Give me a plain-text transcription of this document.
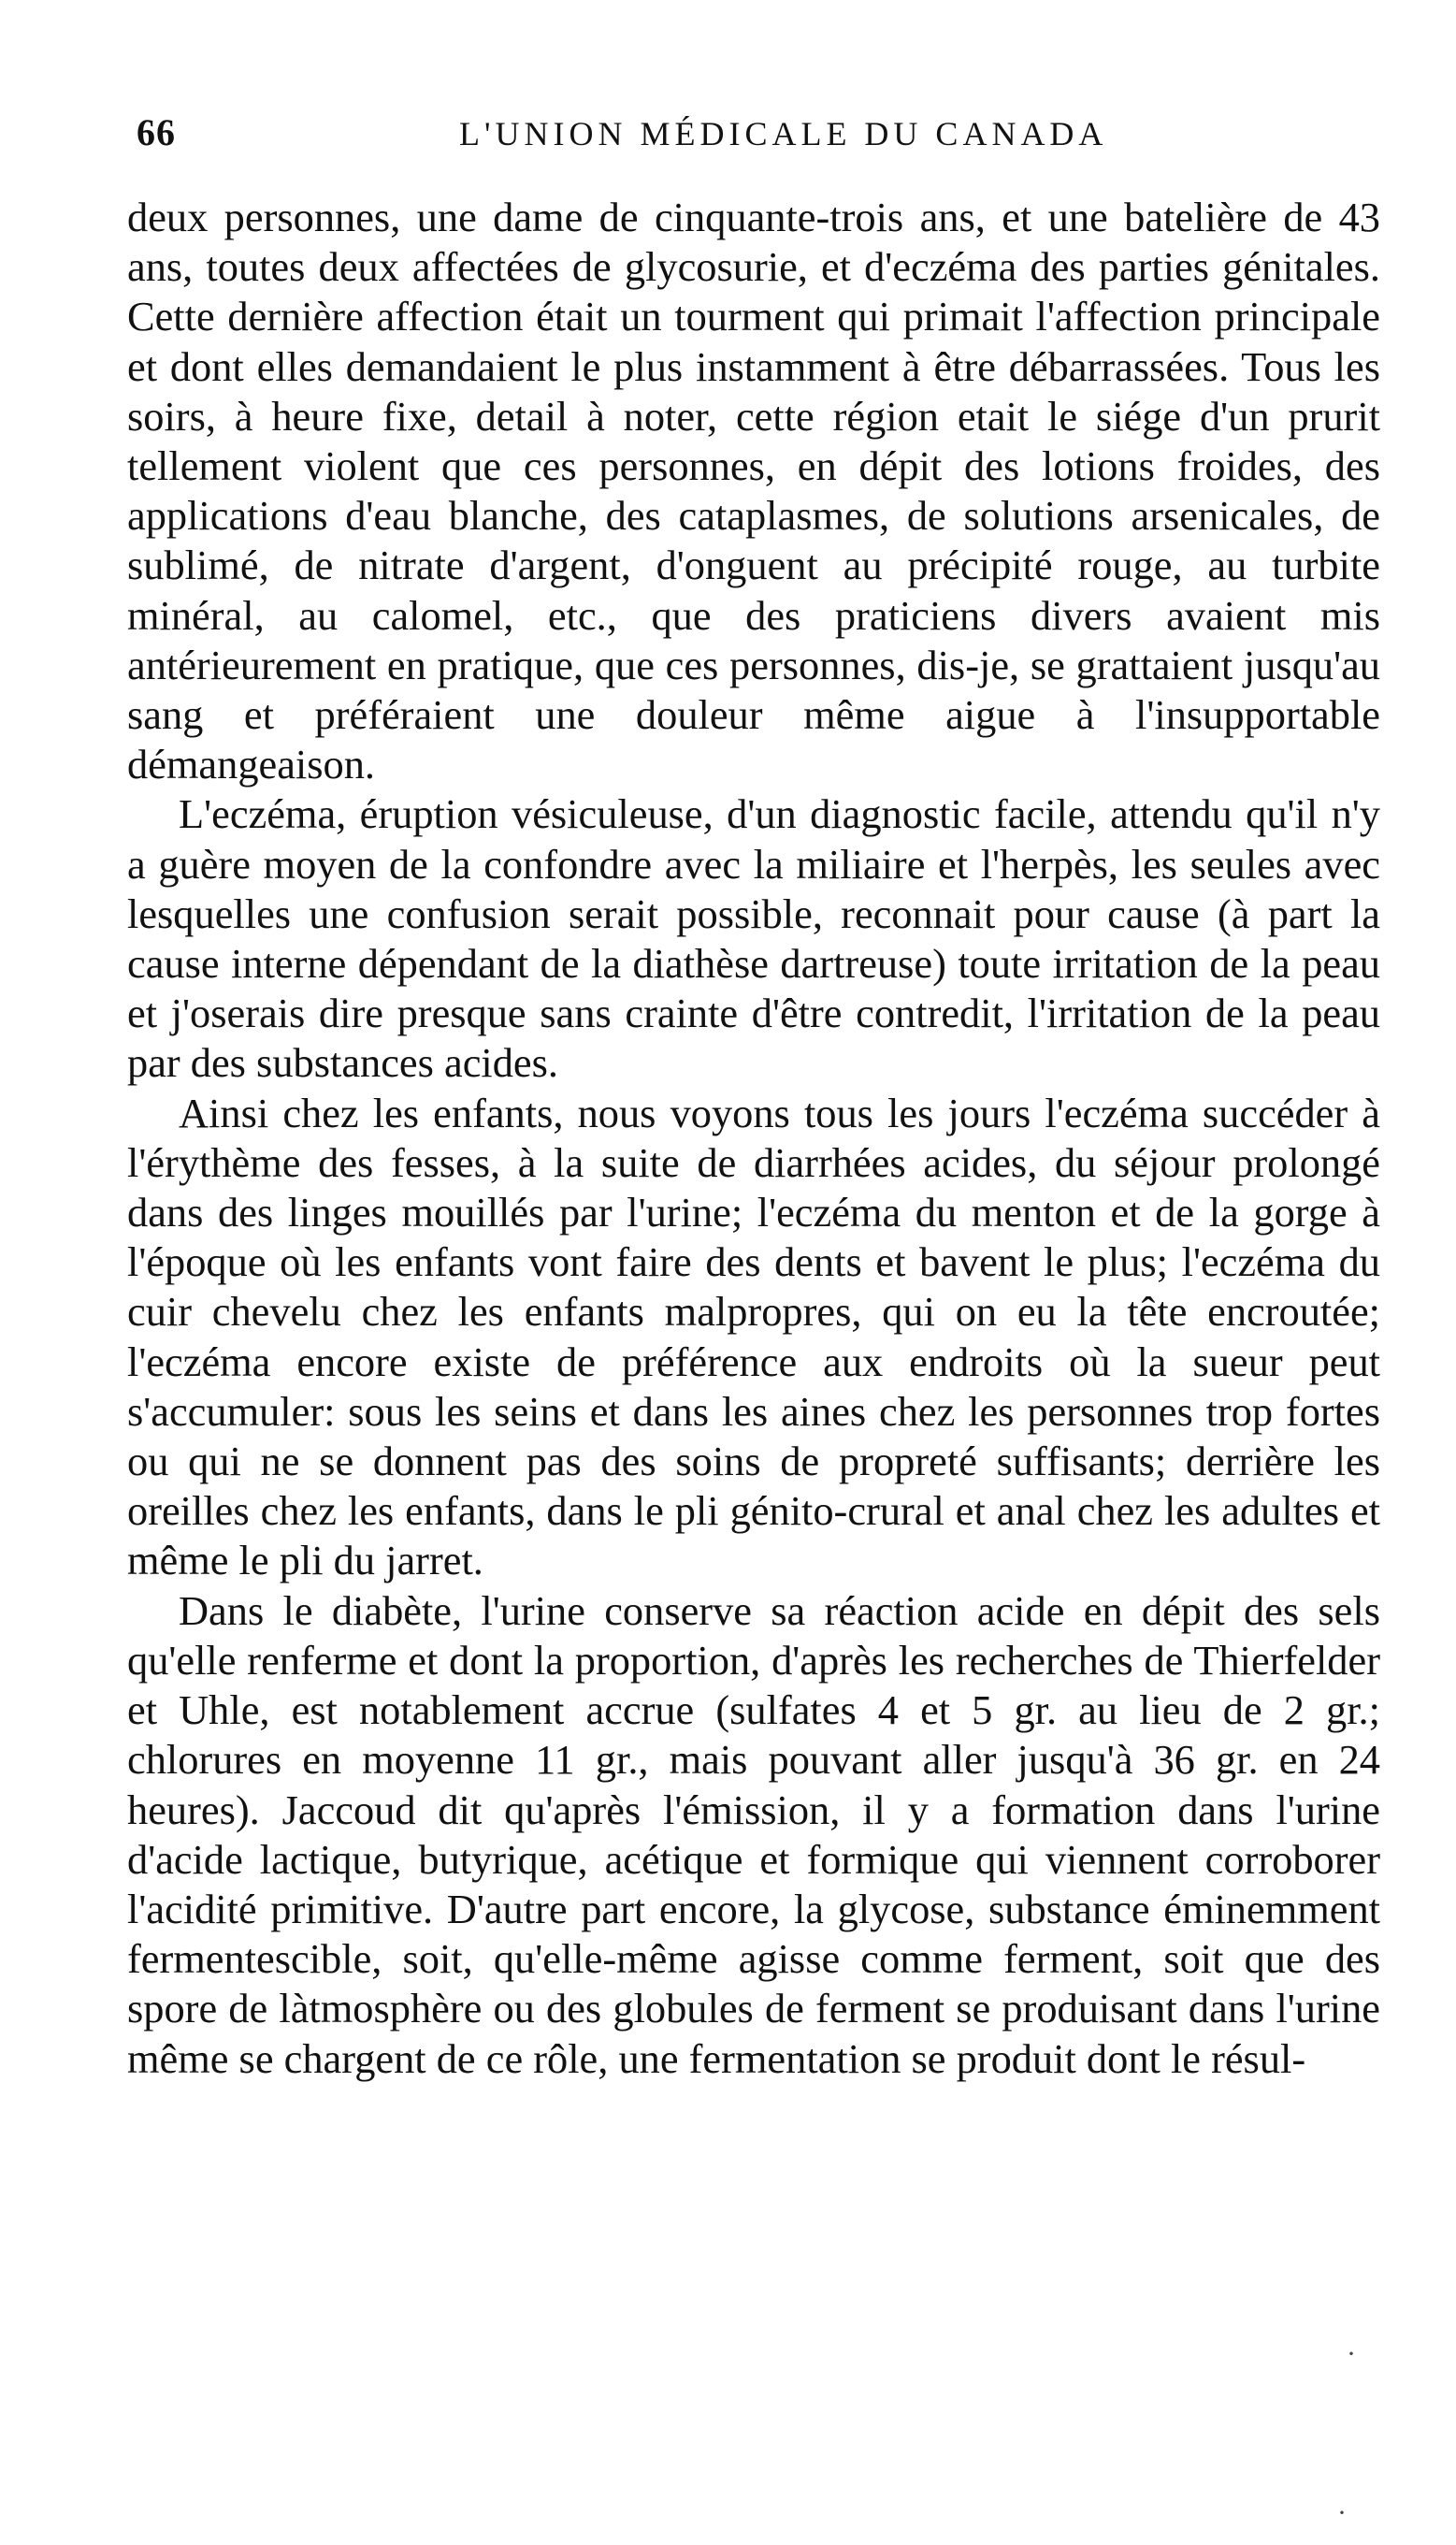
66	L'UNION MÉDICALE DU CANADA

deux personnes, une dame de cinquante-trois ans, et une batelière de 43 ans, toutes deux affectées de glycosurie, et d'eczéma des parties génitales. Cette dernière affection était un tourment qui primait l'affection principale et dont elles demandaient le plus instamment à être débarrassées. Tous les soirs, à heure fixe, detail à noter, cette région etait le siége d'un prurit tellement violent que ces personnes, en dépit des lotions froides, des applications d'eau blanche, des cataplasmes, de solutions arsenicales, de sublimé, de nitrate d'argent, d'onguent au précipité rouge, au turbite minéral, au calomel, etc., que des praticiens divers avaient mis antérieurement en pratique, que ces personnes, dis-je, se grattaient jusqu'au sang et préféraient une douleur même aigue à l'insupportable démangeaison.

L'eczéma, éruption vésiculeuse, d'un diagnostic facile, attendu qu'il n'y a guère moyen de la confondre avec la miliaire et l'herpès, les seules avec lesquelles une confusion serait possible, reconnait pour cause (à part la cause interne dépendant de la diathèse dartreuse) toute irritation de la peau et j'oserais dire presque sans crainte d'être contredit, l'irritation de la peau par des substances acides.

Ainsi chez les enfants, nous voyons tous les jours l'eczéma succéder à l'érythème des fesses, à la suite de diarrhées acides, du séjour prolongé dans des linges mouillés par l'urine; l'eczéma du menton et de la gorge à l'époque où les enfants vont faire des dents et bavent le plus; l'eczéma du cuir chevelu chez les enfants malpropres, qui on eu la tête encroutée; l'eczéma encore existe de préférence aux endroits où la sueur peut s'accumuler: sous les seins et dans les aines chez les personnes trop fortes ou qui ne se donnent pas des soins de propreté suffisants; derrière les oreilles chez les enfants, dans le pli génito-crural et anal chez les adultes et même le pli du jarret.

Dans le diabète, l'urine conserve sa réaction acide en dépit des sels qu'elle renferme et dont la proportion, d'après les recherches de Thierfelder et Uhle, est notablement accrue (sulfates 4 et 5 gr. au lieu de 2 gr.; chlorures en moyenne 11 gr., mais pouvant aller jusqu'à 36 gr. en 24 heures). Jaccoud dit qu'après l'émission, il y a formation dans l'urine d'acide lactique, butyrique, acétique et formique qui viennent corroborer l'acidité primitive. D'autre part encore, la glycose, substance éminemment fermentescible, soit, qu'elle-même agisse comme ferment, soit que des spore de làtmosphère ou des globules de ferment se produisant dans l'urine même se chargent de ce rôle, une fermentation se produit dont le résul-

·
·
